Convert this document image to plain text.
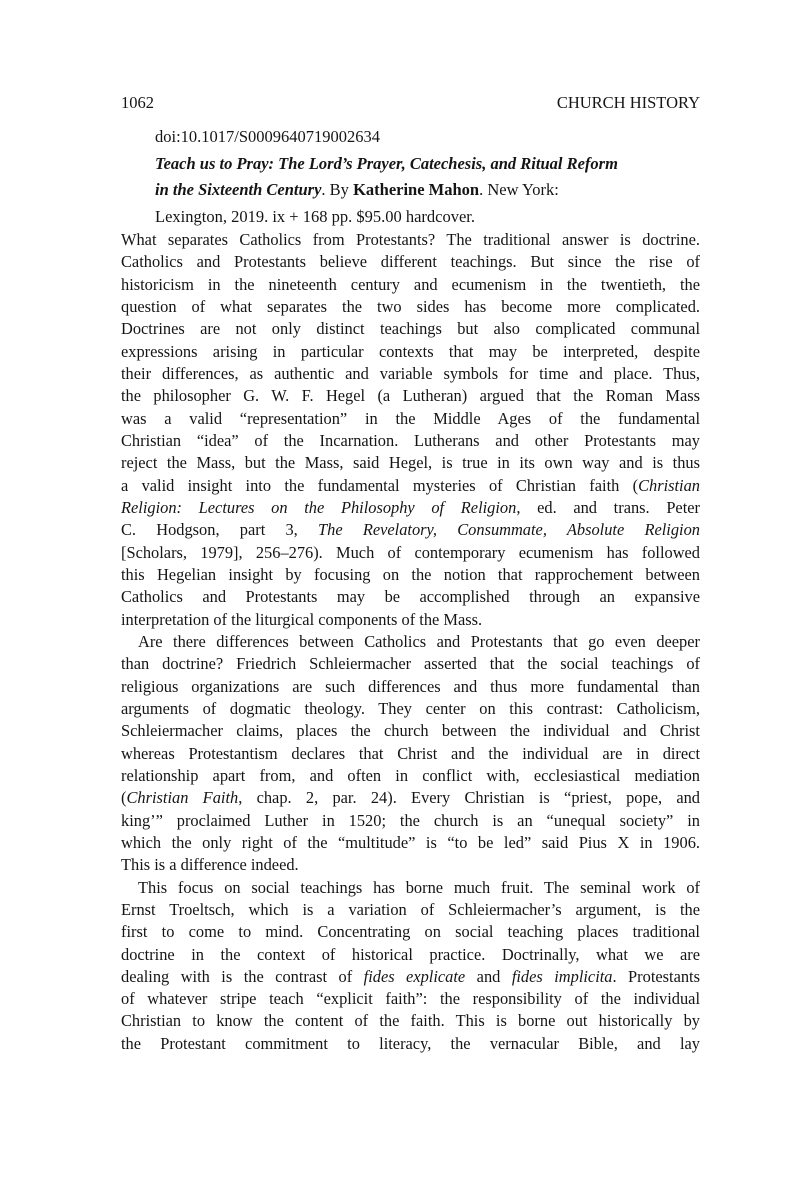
1062	CHURCH HISTORY
doi:10.1017/S0009640719002634
Teach us to Pray: The Lord’s Prayer, Catechesis, and Ritual Reform
in the Sixteenth Century. By Katherine Mahon. New York:
Lexington, 2019. ix + 168 pp. $95.00 hardcover.
What separates Catholics from Protestants? The traditional answer is doctrine.
Catholics and Protestants believe different teachings. But since the rise of
historicism in the nineteenth century and ecumenism in the twentieth, the
question of what separates the two sides has become more complicated.
Doctrines are not only distinct teachings but also complicated communal
expressions arising in particular contexts that may be interpreted, despite
their differences, as authentic and variable symbols for time and place. Thus,
the philosopher G. W. F. Hegel (a Lutheran) argued that the Roman Mass
was a valid “representation” in the Middle Ages of the fundamental
Christian “idea” of the Incarnation. Lutherans and other Protestants may
reject the Mass, but the Mass, said Hegel, is true in its own way and is thus
a valid insight into the fundamental mysteries of Christian faith (Christian
Religion: Lectures on the Philosophy of Religion, ed. and trans. Peter
C. Hodgson, part 3, The Revelatory, Consummate, Absolute Religion
[Scholars, 1979], 256–276). Much of contemporary ecumenism has followed
this Hegelian insight by focusing on the notion that rapprochement between
Catholics and Protestants may be accomplished through an expansive
interpretation of the liturgical components of the Mass.
Are there differences between Catholics and Protestants that go even deeper
than doctrine? Friedrich Schleiermacher asserted that the social teachings of
religious organizations are such differences and thus more fundamental than
arguments of dogmatic theology. They center on this contrast: Catholicism,
Schleiermacher claims, places the church between the individual and Christ
whereas Protestantism declares that Christ and the individual are in direct
relationship apart from, and often in conflict with, ecclesiastical mediation
(Christian Faith, chap. 2, par. 24). Every Christian is “priest, pope, and
king’” proclaimed Luther in 1520; the church is an “unequal society” in
which the only right of the “multitude” is “to be led” said Pius X in 1906.
This is a difference indeed.
This focus on social teachings has borne much fruit. The seminal work of
Ernst Troeltsch, which is a variation of Schleiermacher’s argument, is the
first to come to mind. Concentrating on social teaching places traditional
doctrine in the context of historical practice. Doctrinally, what we are
dealing with is the contrast of fides explicate and fides implicita. Protestants
of whatever stripe teach “explicit faith”: the responsibility of the individual
Christian to know the content of the faith. This is borne out historically by
the Protestant commitment to literacy, the vernacular Bible, and lay
